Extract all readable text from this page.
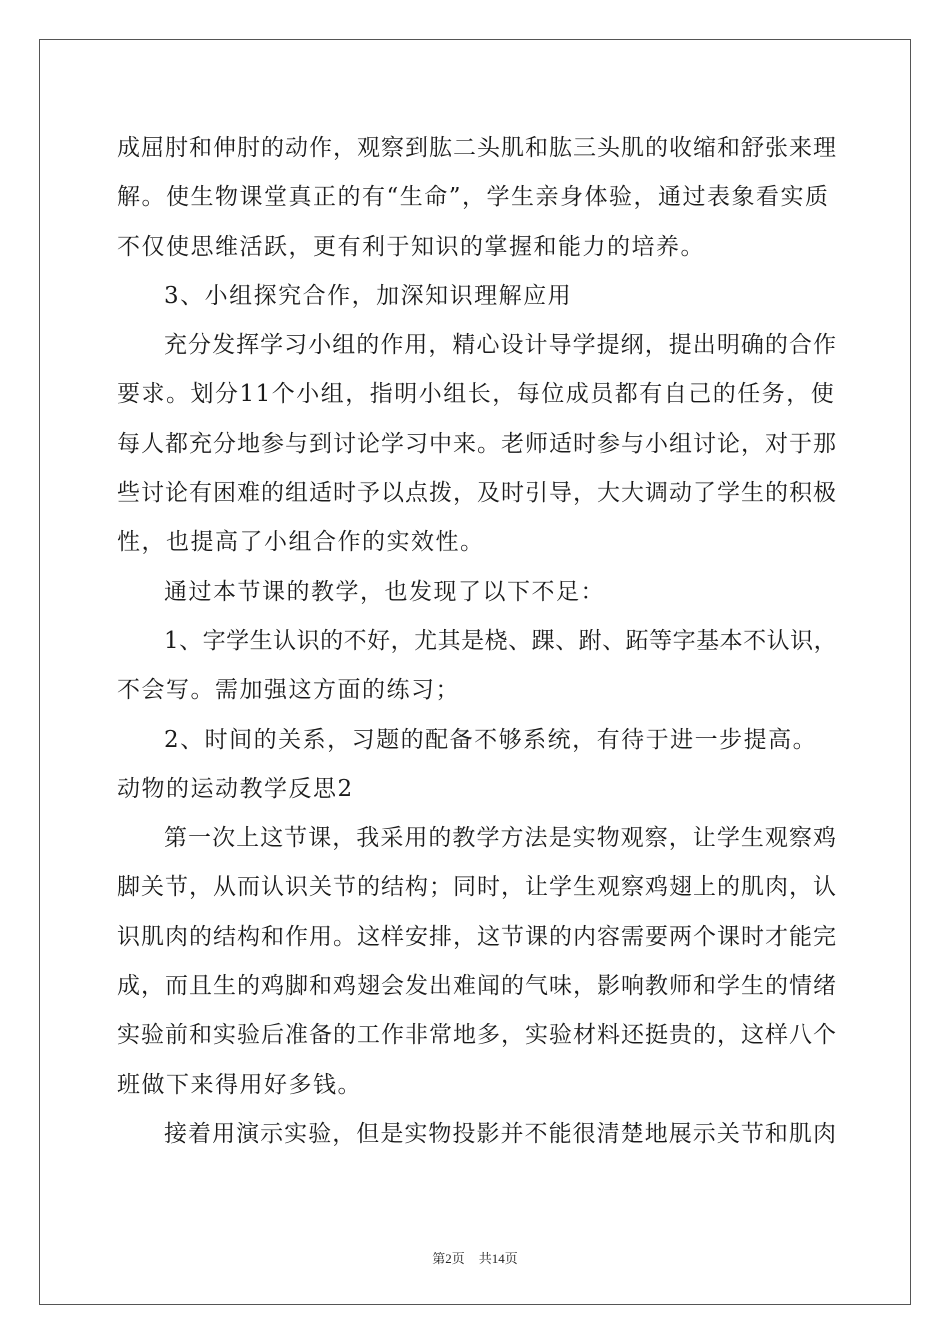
成屈肘和伸肘的动作，观察到肱二头肌和肱三头肌的收缩和舒张来理

解。使生物课堂真正的有“生命”，学生亲身体验，通过表象看实质

不仅使思维活跃，更有利于知识的掌握和能力的培养。

3、小组探究合作，加深知识理解应用

充分发挥学习小组的作用，精心设计导学提纲，提出明确的合作

要求。划分11个小组，指明小组长，每位成员都有自己的任务，使

每人都充分地参与到讨论学习中来。老师适时参与小组讨论，对于那

些讨论有困难的组适时予以点拨，及时引导，大大调动了学生的积极

性，也提高了小组合作的实效性。

通过本节课的教学，也发现了以下不足：

1、字学生认识的不好，尤其是桡、踝、跗、跖等字基本不认识，

不会写。需加强这方面的练习；

2、时间的关系，习题的配备不够系统，有待于进一步提高。

动物的运动教学反思2

第一次上这节课，我采用的教学方法是实物观察，让学生观察鸡

脚关节，从而认识关节的结构；同时，让学生观察鸡翅上的肌肉，认

识肌肉的结构和作用。这样安排，这节课的内容需要两个课时才能完

成，而且生的鸡脚和鸡翅会发出难闻的气味，影响教师和学生的情绪

实验前和实验后准备的工作非常地多，实验材料还挺贵的，这样八个

班做下来得用好多钱。

接着用演示实验，但是实物投影并不能很清楚地展示关节和肌肉

第2页 共14页
